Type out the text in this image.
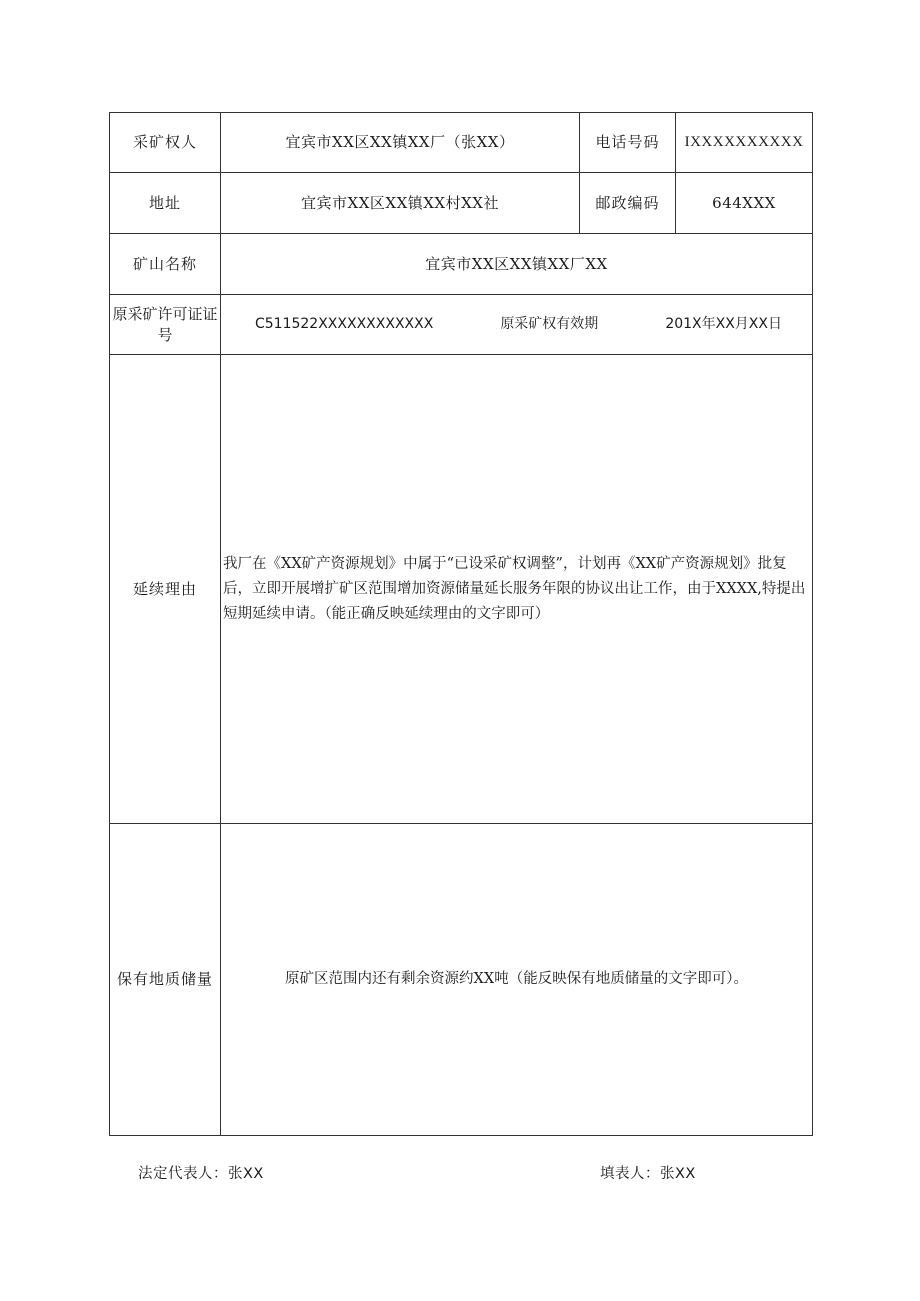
采矿权人	宜宾市XX区XX镇XX厂（张XX）	电话号码	IXXXXXXXXXX
地址	宜宾市XX区XX镇XX村XX社	邮政编码	644XXX
矿山名称	宜宾市XX区XX镇XX厂XX		
原采矿许可证证号	C511522XXXXXXXXXXXX 原采矿权有效期 201X年XX月XX日		

延续理由	我厂在《XX矿产资源规划》中属于“已设采矿权调整”，计划再《XX矿产资源规划》批复后，立即开展增扩矿区范围增加资源储量延长服务年限的协议出让工作，由于XXXX,特提出短期延续申请。（能正确反映延续理由的文字即可）		
保有地质储量	原矿区范围内还有剩余资源约XX吨（能反映保有地质储量的文字即可）。		
法定代表人：张XX	填表人：张XX
